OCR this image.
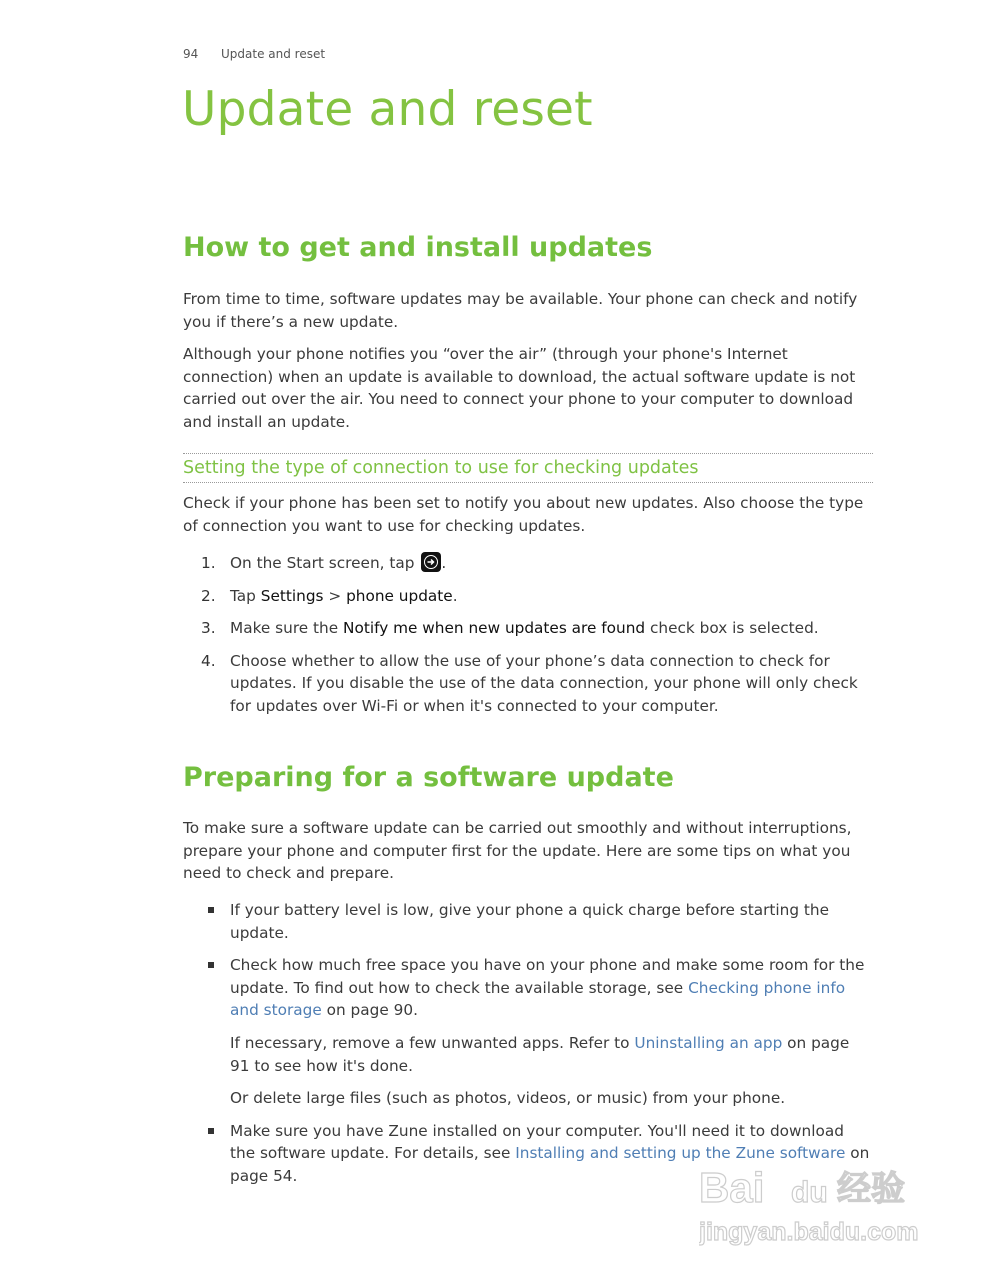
94 Update and reset
Update and reset
How to get and install updates

From time to time, software updates may be available. Your phone can check and notify you if there’s a new update.

Although your phone notifies you “over the air” (through your phone's Internet connection) when an update is available to download, the actual software update is not carried out over the air. You need to connect your phone to your computer to download and install an update.

Setting the type of connection to use for checking updates

Check if your phone has been set to notify you about new updates. Also choose the type of connection you want to use for checking updates.

1. On the Start screen, tap .
2. Tap Settings > phone update.
3. Make sure the Notify me when new updates are found check box is selected.
4. Choose whether to allow the use of your phone’s data connection to check for updates. If you disable the use of the data connection, your phone will only check for updates over Wi-Fi or when it's connected to your computer.
Preparing for a software update

To make sure a software update can be carried out smoothly and without interruptions, prepare your phone and computer first for the update. Here are some tips on what you need to check and prepare.

If your battery level is low, give your phone a quick charge before starting the update.
Check how much free space you have on your phone and make some room for the update. To find out how to check the available storage, see Checking phone info and storage on page 90.
If necessary, remove a few unwanted apps. Refer to Uninstalling an app on page 91 to see how it's done.
Or delete large files (such as photos, videos, or music) from your phone.
Make sure you have Zune installed on your computer. You'll need it to download the software update. For details, see Installing and setting up the Zune software on page 54.	Bai du 经验
jingyan.baidu.com
